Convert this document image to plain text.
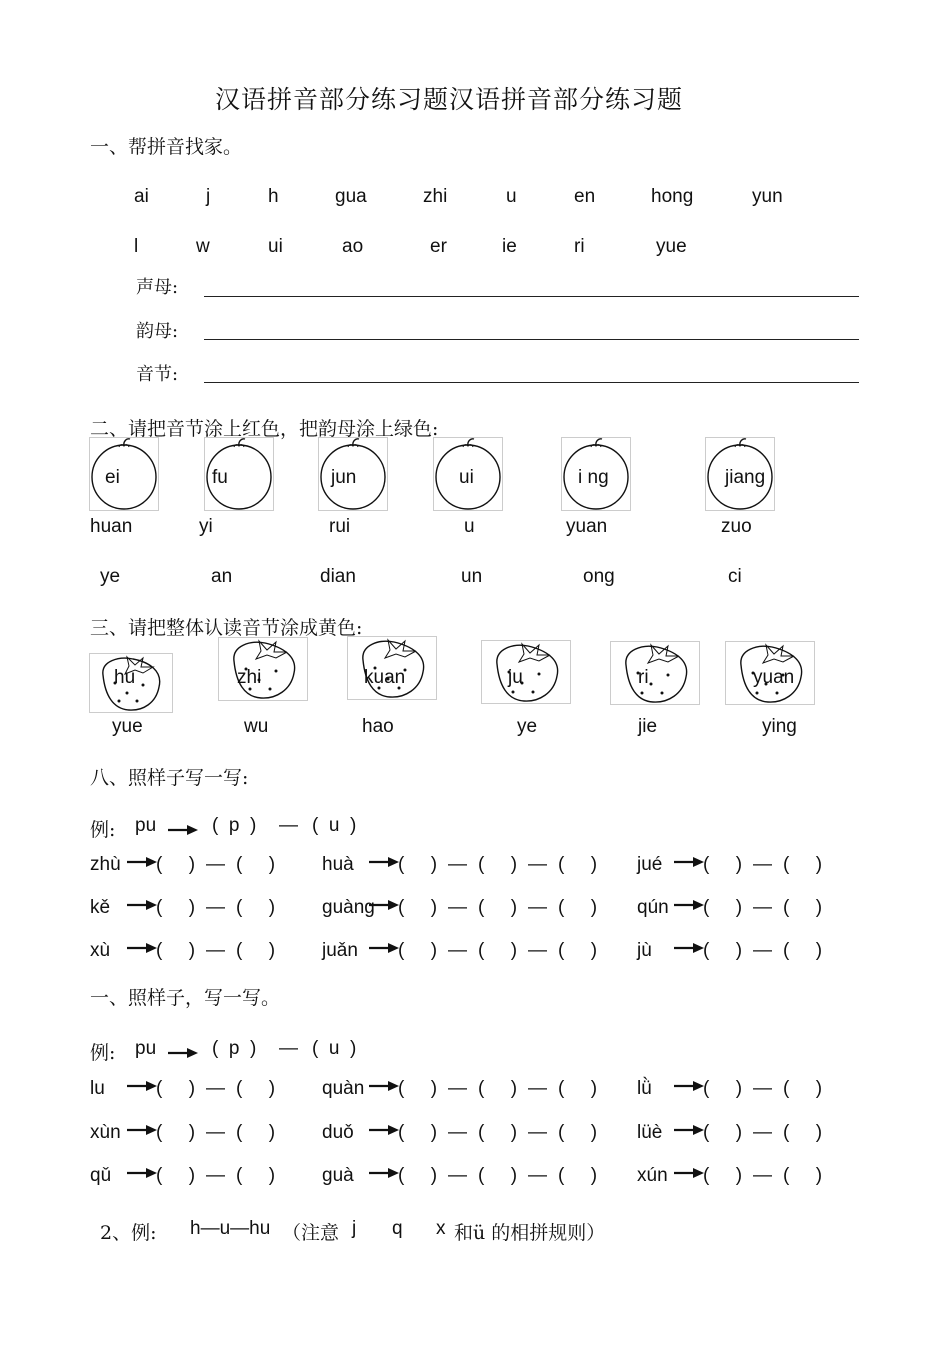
汉语拼音部分练习题汉语拼音部分练习题
一、帮拼音找家。
ai	j	h	gua	zhi	u	en	hong	yun
l	w	ui	ao	er	ie	ri	yue
声母:
韵母:
音节:
二、请把音节涂上红色，把韵母涂上绿色:
ei	fu	jun	ui	i ng	jiang
huan	yi	rui	u	yuan	zuo
ye	an	dian	un	ong	ci
三、请把整体认读音节涂成黄色:
hu	zhi	kuan	ju	ri	yuan
yue	wu	hao	ye	jie	ying
八、照样子写一写:
例: pu	(  p  ) — (  u  )
zhù (     ) — (     ) huà (     ) — (     ) — (     ) jué (     ) — (     )
kě (     ) — (     ) guàng (     ) — (     ) — (     ) qún (     ) — (     )
xù (     ) — (     ) juǎn (     ) — (     ) — (     ) jù	(     ) — (     )
一、照样子，写一写。
例: pu	(  p  ) — (  u  )
lu	(     ) — (     ) quàn (     ) — (     ) — (     ) lǜ	(     ) — (     )
xùn (     ) — (     ) duǒ (     ) — (     ) — (     ) lüè (     ) — (     )
qǔ (     ) — (     ) guà (     ) — (     ) — (     ) xún (     ) — (     )
2、例: h—u—hu （注意 j q x 和ü 的相拼规则）
